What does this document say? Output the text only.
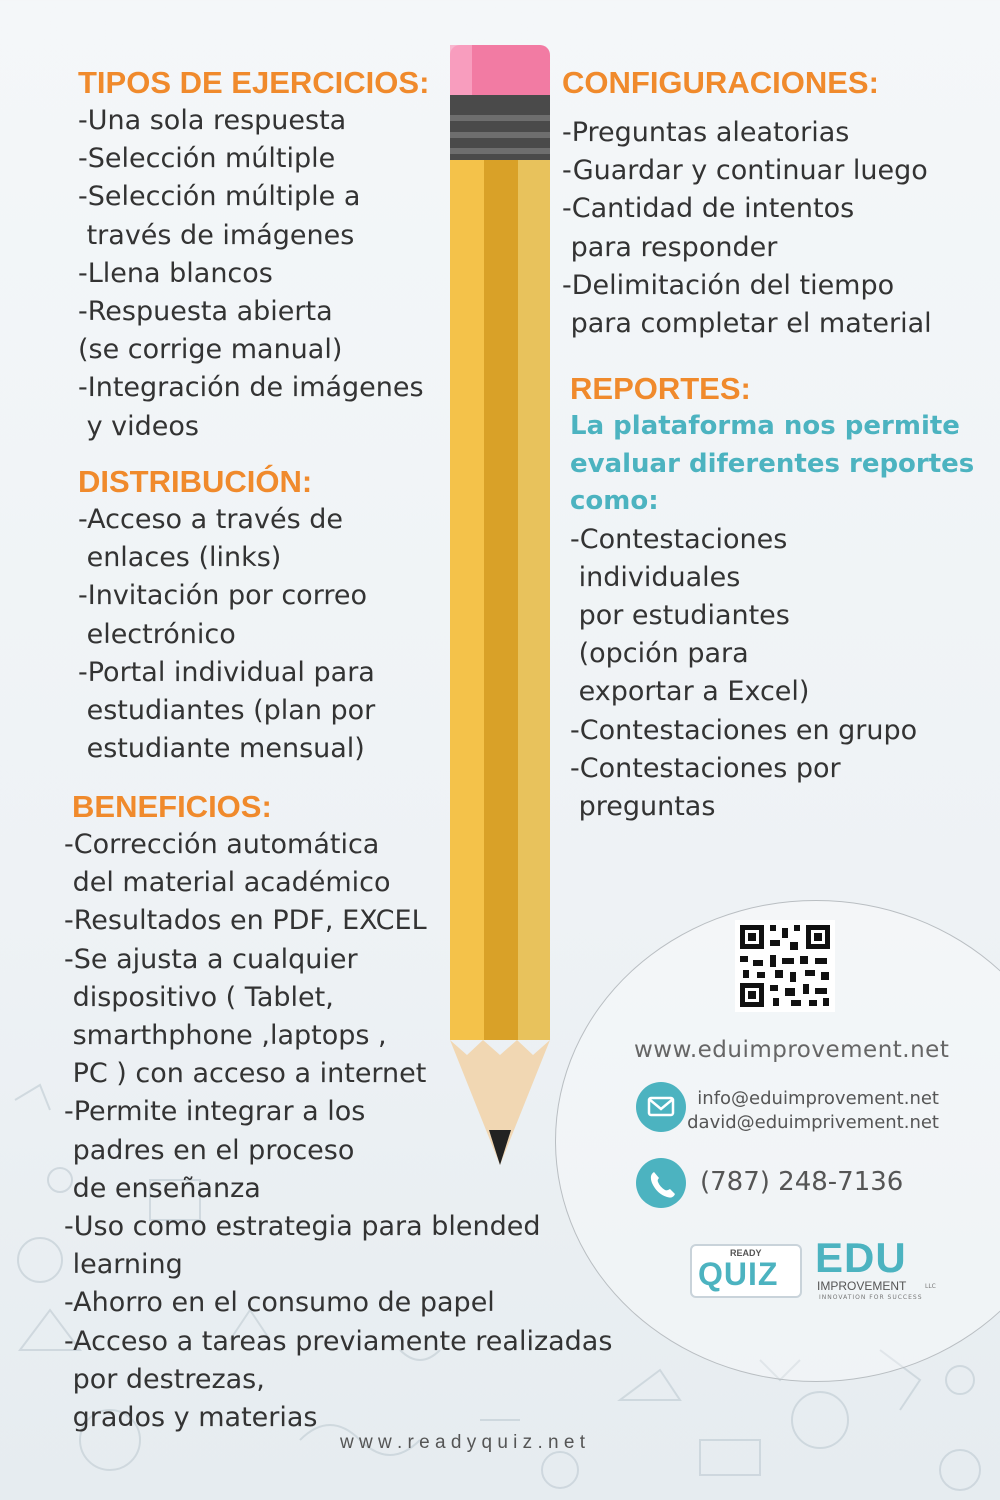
TIPOS DE EJERCICIOS:
-Una sola respuesta
-Selección múltiple
-Selección múltiple a
través de imágenes
-Llena blancos
-Respuesta abierta
(se corrige manual)
-Integración de imágenes
y videos
DISTRIBUCIÓN:
-Acceso a través de
enlaces (links)
-Invitación por correo
electrónico
-Portal individual para
estudiantes (plan por
estudiante mensual)
BENEFICIOS:
-Corrección automática
del material académico
-Resultados en PDF, EXCEL
-Se ajusta a cualquier
dispositivo ( Tablet,
smarthphone ,laptops ,
PC ) con acceso a internet
-Permite integrar a los
padres en el proceso
de enseñanza
-Uso como estrategia para blended
learning
-Ahorro en el consumo de papel
-Acceso a tareas previamente realizadas
por destrezas,
grados y materias
CONFIGURACIONES:
-Preguntas aleatorias
-Guardar y continuar luego
-Cantidad de intentos
para responder
-Delimitación del tiempo
para completar el material
REPORTES:

La plataforma nos permite

evaluar diferentes reportes

como:

-Contestaciones
individuales
por estudiantes
(opción para
exportar a Excel)
-Contestaciones en grupo
-Contestaciones por
preguntas
www.eduimprovement.net
info@eduimprovement.net
david@eduimprivement.net
(787) 248-7136
READY
QUIZ EDU
IMPROVEMENT	LLC
INNOVATION FOR SUCCESS
w w w . r e a d y q u i z . n e t
